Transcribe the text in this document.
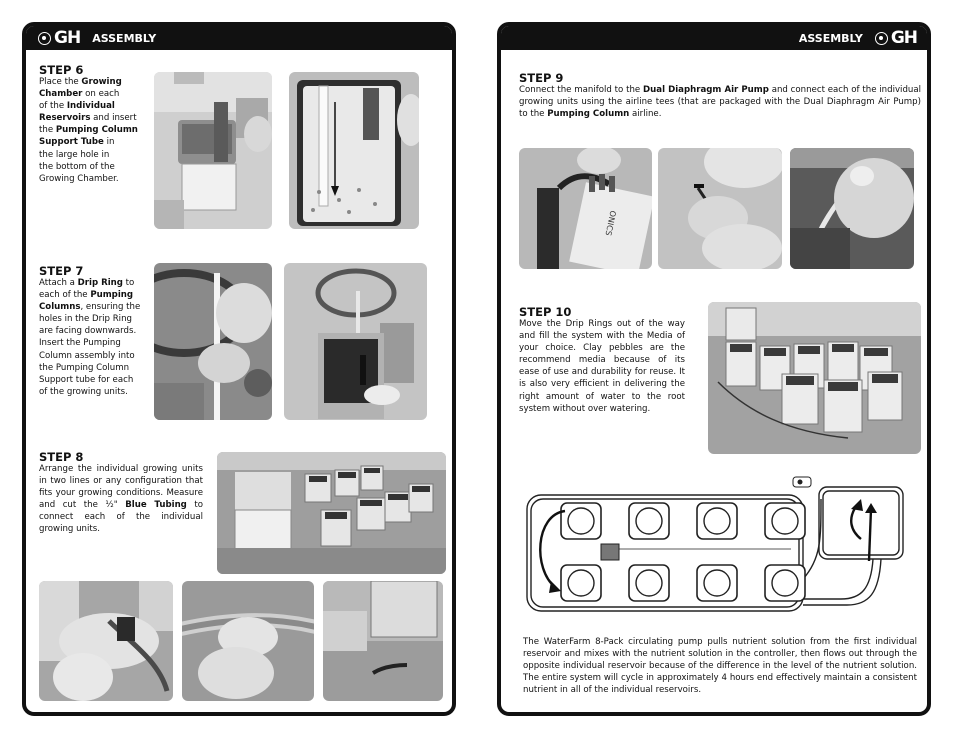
GH ASSEMBLY
STEP 6
Place the Growing
Chamber on each
of the Individual
Reservoirs and insert
the Pumping Column
Support Tube in
the large hole in
the bottom of the
Growing Chamber.
STEP 7
Attach a Drip Ring to
each of the Pumping
Columns, ensuring the
holes in the Drip Ring
are facing downwards.
Insert the Pumping
Column assembly into
the Pumping Column
Support tube for each
of the growing units.
STEP 8
Arrange the individual growing units in two lines or any configuration that fits your growing conditions. Measure and cut the ½" Blue Tubing to connect each of the individual growing units.
ASSEMBLY GH
STEP 9
Connect the manifold to the Dual Diaphragm Air Pump and connect each of the individual growing units using the airline tees (that are packaged with the Dual Diaphragm Air Pump) to the Pumping Column airline.
ONICS
STEP 10
Move the Drip Rings out of the way and fill the system with the Media of your choice. Clay pebbles are the recommend media because of its ease of use and durability for reuse. It is also very efficient in delivering the right amount of water to the root system without over watering.
The WaterFarm 8-Pack circulating pump pulls nutrient solution from the first individual reservoir and mixes with the nutrient solution in the controller, then flows out through the opposite individual reservoir because of the difference in the level of the nutrient solution. The entire system will cycle in approximately 4 hours end effectively maintain a consistent nutrient in all of the individual reservoirs.
